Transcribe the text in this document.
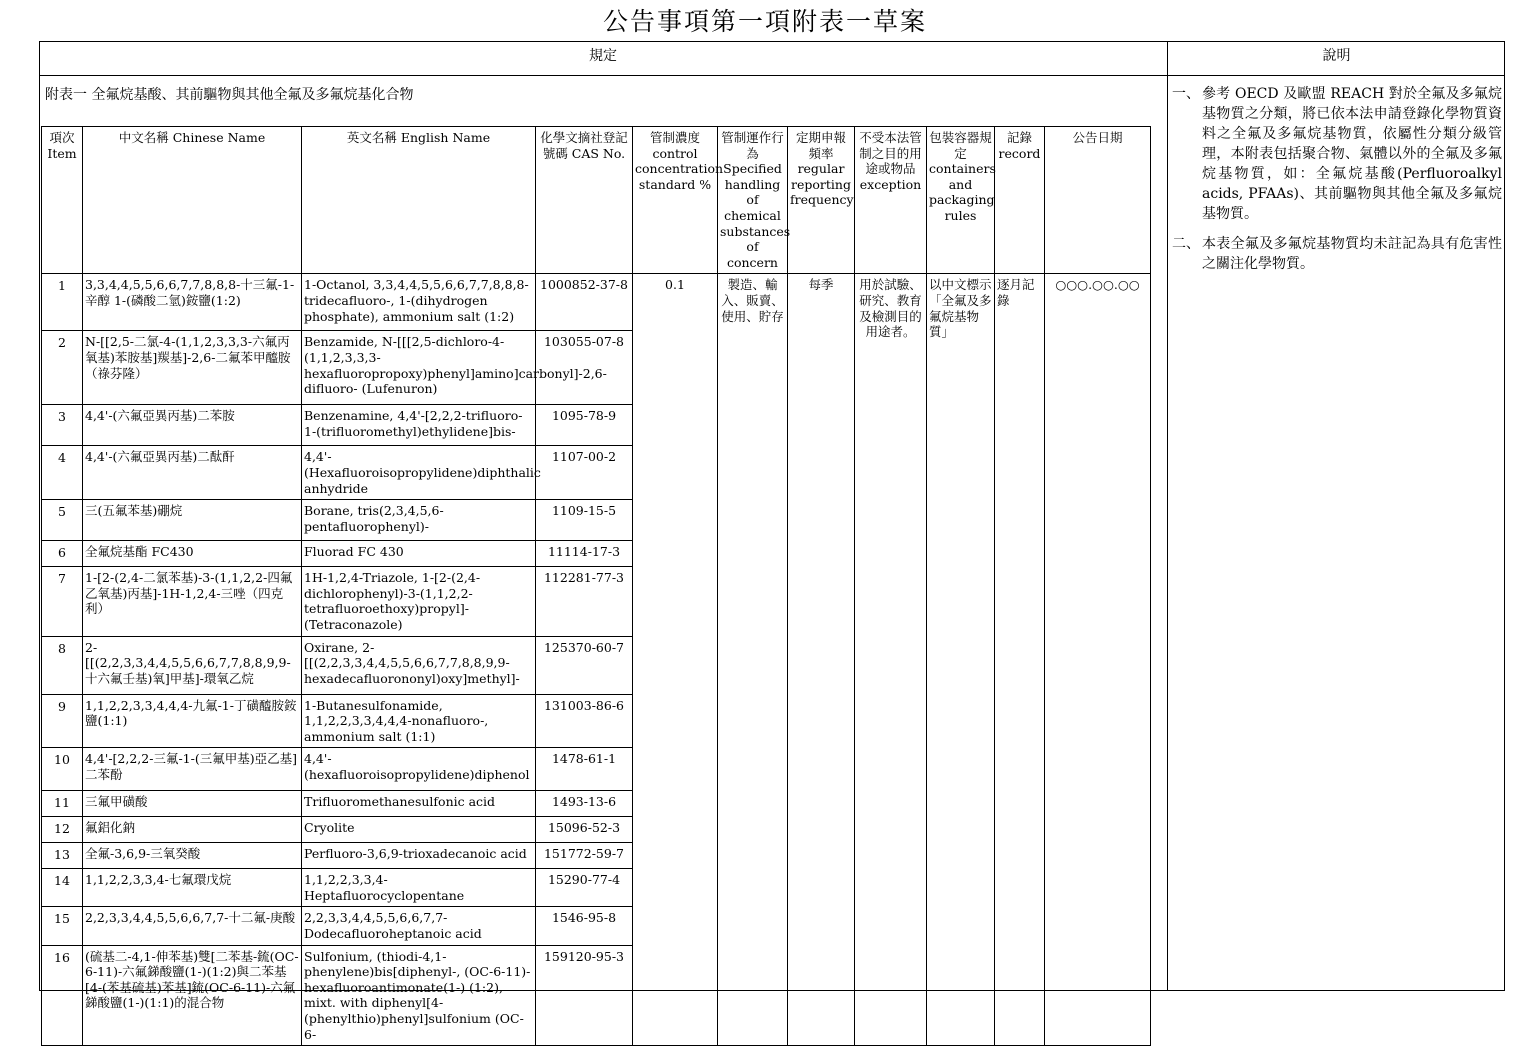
公告事項第一項附表一草案
規定	說明
附表一 全氟烷基酸、其前驅物與其他全氟及多氟烷基化合物
項次 Item	中文名稱 Chinese Name	英文名稱 English Name	化學文摘社登記號碼 CAS No.	管制濃度 control concentration standard %	管制運作行為 Specified handling of chemical substances of concern	定期申報頻率 regular reporting frequency	不受本法管制之目的用途或物品 exception	包裝容器規定 containers and packaging rules	記錄 record	公告日期
1	3,3,4,4,5,5,6,6,7,7,8,8,8-十三氟-1-辛醇 1-(磷酸二氫)銨鹽(1:2)	1-Octanol, 3,3,4,4,5,5,6,6,7,7,8,8,8-tridecafluoro-, 1-(dihydrogen phosphate), ammonium salt (1:2)	1000852-37-8	0.1	製造、輸入、販賣、使用、貯存	每季	用於試驗、研究、教育及檢測目的用途者。	以中文標示「全氟及多氟烷基物質」	逐月記錄	○○○.○○.○○
2	N-[[2,5-二氯-4-(1,1,2,3,3,3-六氟丙氧基)苯胺基]羰基]-2,6-二氟苯甲醯胺（祿芬隆）	Benzamide, N-[[[2,5-dichloro-4-(1,1,2,3,3,3-hexafluoropropoxy)phenyl]amino]carbonyl]-2,6-difluoro- (Lufenuron)	103055-07-8							
3	4,4'-(六氟亞異丙基)二苯胺	Benzenamine, 4,4'-[2,2,2-trifluoro-1-(trifluoromethyl)ethylidene]bis-	1095-78-9							
4	4,4'-(六氟亞異丙基)二酞酐	4,4'-(Hexafluoroisopropylidene)diphthalic anhydride	1107-00-2							
5	三(五氟苯基)硼烷	Borane, tris(2,3,4,5,6-pentafluorophenyl)-	1109-15-5							
6	全氟烷基酯 FC430	Fluorad FC 430	11114-17-3							
7	1-[2-(2,4-二氯苯基)-3-(1,1,2,2-四氟乙氧基)丙基]-1H-1,2,4-三唑（四克利）	1H-1,2,4-Triazole, 1-[2-(2,4-dichlorophenyl)-3-(1,1,2,2-tetrafluoroethoxy)propyl]- (Tetraconazole)	112281-77-3							
8	2-[[(2,2,3,3,4,4,5,5,6,6,7,7,8,8,9,9-十六氟壬基)氧]甲基]-環氧乙烷	Oxirane, 2-[[(2,2,3,3,4,4,5,5,6,6,7,7,8,8,9,9-hexadecafluorononyl)oxy]methyl]-	125370-60-7							
9	1,1,2,2,3,3,4,4,4-九氟-1-丁磺醯胺銨鹽(1:1)	1-Butanesulfonamide, 1,1,2,2,3,3,4,4,4-nonafluoro-, ammonium salt (1:1)	131003-86-6							
10	4,4'-[2,2,2-三氟-1-(三氟甲基)亞乙基]二苯酚	4,4'-(hexafluoroisopropylidene)diphenol	1478-61-1							
11	三氟甲磺酸	Trifluoromethanesulfonic acid	1493-13-6							
12	氟鋁化鈉	Cryolite	15096-52-3							
13	全氟-3,6,9-三氧癸酸	Perfluoro-3,6,9-trioxadecanoic acid	151772-59-7							
14	1,1,2,2,3,3,4-七氟環戊烷	1,1,2,2,3,3,4-Heptafluorocyclopentane	15290-77-4							
15	2,2,3,3,4,4,5,5,6,6,7,7-十二氟-庚酸	2,2,3,3,4,4,5,5,6,6,7,7-Dodecafluoroheptanoic acid	1546-95-8							
16	(硫基二-4,1-伸苯基)雙[二苯基-鋶(OC-6-11)-六氟銻酸鹽(1-)(1:2)與二苯基[4-(苯基硫基)苯基]鋶(OC-6-11)-六氟銻酸鹽(1-)(1:1)的混合物	Sulfonium, (thiodi-4,1-phenylene)bis[diphenyl-, (OC-6-11)-hexafluoroantimonate(1-) (1:2), mixt. with diphenyl[4-(phenylthio)phenyl]sulfonium (OC-6-	159120-95-3							
一、 參考 OECD 及歐盟 REACH 對於全氟及多氟烷基物質之分類，將已依本法申請登錄化學物質資料之全氟及多氟烷基物質，依屬性分類分級管理，本附表包括聚合物、氣體以外的全氟及多氟烷基物質，如：全氟烷基酸(Perfluoroalkyl acids, PFAAs)、其前驅物與其他全氟及多氟烷基物質。
二、 本表全氟及多氟烷基物質均未註記為具有危害性之關注化學物質。
